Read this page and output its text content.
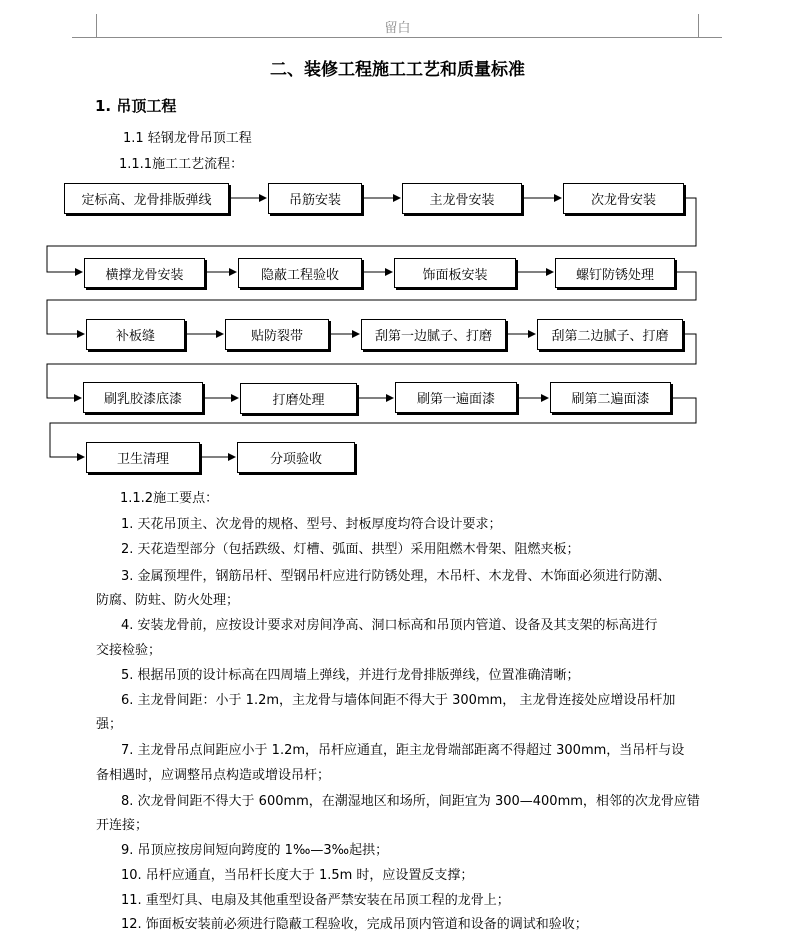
留白
二、装修工程施工工艺和质量标准
1. 吊顶工程
1.1 轻钢龙骨吊顶工程
1.1.1施工工艺流程：
定标高、龙骨排版弹线	吊筋安装	主龙骨安装	次龙骨安装
横撑龙骨安装	隐蔽工程验收	饰面板安装	螺钉防锈处理
补板缝	贴防裂带	刮第一边腻子、打磨	刮第二边腻子、打磨
刷乳胶漆底漆	打磨处理	刷第一遍面漆	刷第二遍面漆
卫生清理	分项验收
1.1.2施工要点：
1. 天花吊顶主、次龙骨的规格、型号、封板厚度均符合设计要求；
2. 天花造型部分（包括跌级、灯槽、弧面、拱型）采用阻燃木骨架、阻燃夹板；
3. 金属预埋件，钢筋吊杆、型钢吊杆应进行防锈处理，木吊杆、木龙骨、木饰面必须进行防潮、
防腐、防蛀、防火处理；
4. 安装龙骨前，应按设计要求对房间净高、洞口标高和吊顶内管道、设备及其支架的标高进行
交接检验；
5. 根据吊顶的设计标高在四周墙上弹线，并进行龙骨排版弹线，位置准确清晰；
6. 主龙骨间距：小于 1.2m，主龙骨与墙体间距不得大于 300mm， 主龙骨连接处应增设吊杆加
强；
7. 主龙骨吊点间距应小于 1.2m，吊杆应通直，距主龙骨端部距离不得超过 300mm，当吊杆与设
备相遇时，应调整吊点构造或增设吊杆；
8. 次龙骨间距不得大于 600mm，在潮湿地区和场所，间距宜为 300—400mm，相邻的次龙骨应错
开连接；
9. 吊顶应按房间短向跨度的 1‰—3‰起拱；
10. 吊杆应通直，当吊杆长度大于 1.5m 时，应设置反支撑；
11. 重型灯具、电扇及其他重型设备严禁安装在吊顶工程的龙骨上；
12. 饰面板安装前必须进行隐蔽工程验收，完成吊顶内管道和设备的调试和验收；
